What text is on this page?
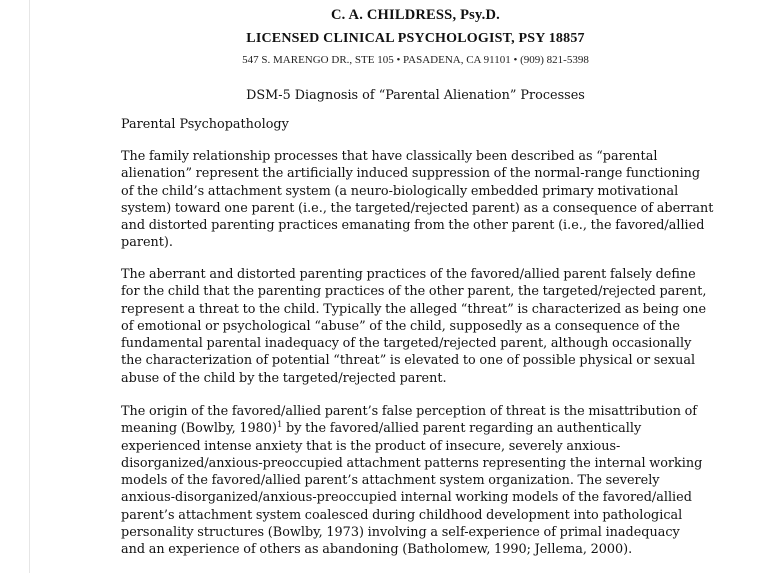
C. A. CHILDRESS, Psy.D.
LICENSED CLINICAL PSYCHOLOGIST, PSY 18857
547 S. MARENGO DR., STE 105 • PASADENA, CA 91101 • (909) 821-5398
DSM-5 Diagnosis of “Parental Alienation” Processes
Parental Psychopathology

The family relationship processes that have classically been described as “parental
alienation” represent the artificially induced suppression of the normal-range functioning
of the child’s attachment system (a neuro-biologically embedded primary motivational
system) toward one parent (i.e., the targeted/rejected parent) as a consequence of aberrant
and distorted parenting practices emanating from the other parent (i.e., the favored/allied
parent).

The aberrant and distorted parenting practices of the favored/allied parent falsely define
for the child that the parenting practices of the other parent, the targeted/rejected parent,
represent a threat to the child. Typically the alleged “threat” is characterized as being one
of emotional or psychological “abuse” of the child, supposedly as a consequence of the
fundamental parental inadequacy of the targeted/rejected parent, although occasionally
the characterization of potential “threat” is elevated to one of possible physical or sexual
abuse of the child by the targeted/rejected parent.

The origin of the favored/allied parent’s false perception of threat is the misattribution of
meaning (Bowlby, 1980)$^1$ by the favored/allied parent regarding an authentically
experienced intense anxiety that is the product of insecure, severely anxious-
disorganized/anxious-preoccupied attachment patterns representing the internal working
models of the favored/allied parent’s attachment system organization. The severely
anxious-disorganized/anxious-preoccupied internal working models of the favored/allied
parent’s attachment system coalesced during childhood development into pathological
personality structures (Bowlby, 1973) involving a self-experience of primal inadequacy
and an experience of others as abandoning (Batholomew, 1990; Jellema, 2000).
